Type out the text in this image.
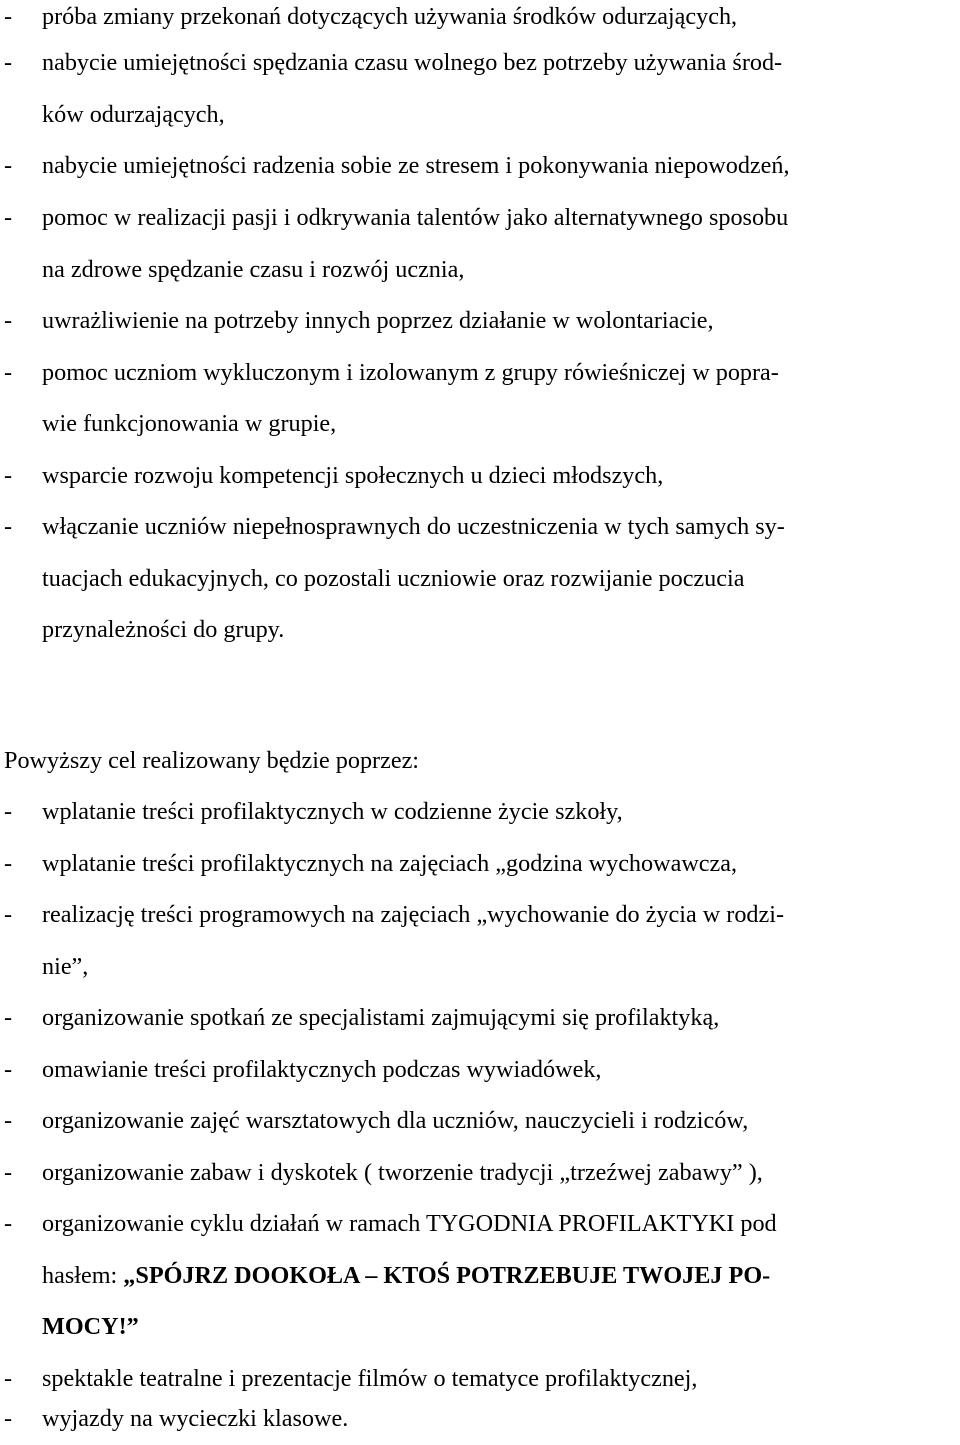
- próba zmiany przekonań dotyczących używania środków odurzających,
- nabycie umiejętności spędzania czasu wolnego bez potrzeby używania środ-
ków odurzających,
- nabycie umiejętności radzenia sobie ze stresem i pokonywania niepowodzeń,
- pomoc w realizacji pasji i odkrywania talentów jako alternatywnego sposobu
na zdrowe spędzanie czasu i rozwój ucznia,
- uwrażliwienie na potrzeby innych poprzez działanie w wolontariacie,
- pomoc uczniom wykluczonym i izolowanym z grupy rówieśniczej w popra-
wie funkcjonowania w grupie,
- wsparcie rozwoju kompetencji społecznych u dzieci młodszych,
- włączanie uczniów niepełnosprawnych do uczestniczenia w tych samych sy-
tuacjach edukacyjnych, co pozostali uczniowie oraz rozwijanie poczucia
przynależności do grupy.
Powyższy cel realizowany będzie poprzez:
- wplatanie treści profilaktycznych w codzienne życie szkoły,
- wplatanie treści profilaktycznych na zajęciach „godzina wychowawcza,
- realizację treści programowych na zajęciach „wychowanie do życia w rodzi-
nie”,
- organizowanie spotkań ze specjalistami zajmującymi się profilaktyką,
- omawianie treści profilaktycznych podczas wywiadówek,
- organizowanie zajęć warsztatowych dla uczniów, nauczycieli i rodziców,
- organizowanie zabaw i dyskotek ( tworzenie tradycji „trzeźwej zabawy” ),
- organizowanie cyklu działań w ramach TYGODNIA PROFILAKTYKI pod
hasłem: „SPÓJRZ DOOKOŁA – KTOŚ POTRZEBUJE TWOJEJ PO-
MOCY!”
- spektakle teatralne i prezentacje filmów o tematyce profilaktycznej,
- wyjazdy na wycieczki klasowe.
